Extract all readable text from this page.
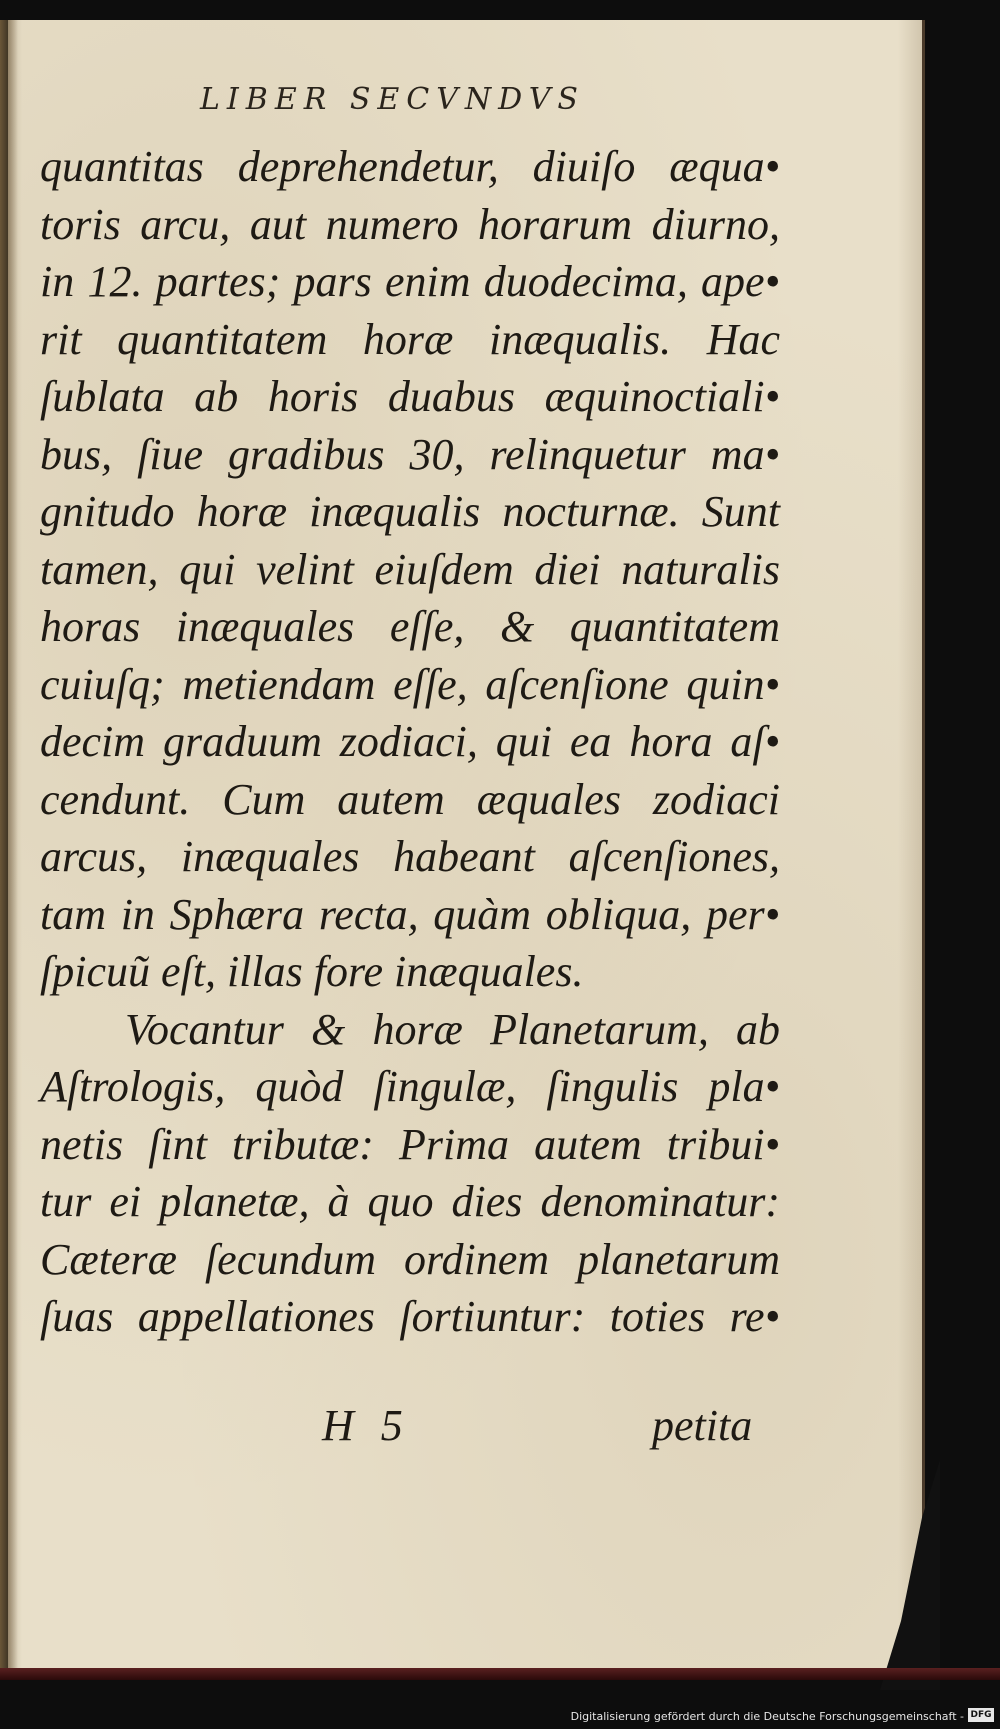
LIBER SECVNDVS
quantitas deprehendetur, diuiſo æqua•
toris arcu, aut numero horarum diurno,
in 12. partes; pars enim duodecima, ape•
rit quantitatem horæ inæqualis. Hac
ſublata ab horis duabus æquinoctiali•
bus, ſiue gradibus 30, relinquetur ma•
gnitudo horæ inæqualis nocturnæ. Sunt
tamen, qui velint eiuſdem diei naturalis
horas inæquales eſſe, & quantitatem
cuiuſq; metiendam eſſe, aſcenſione quin•
decim graduum zodiaci, qui ea hora aſ•
cendunt. Cum autem æquales zodiaci
arcus, inæquales habeant aſcenſiones,
tam in Sphæra recta, quàm obliqua, per•
ſpicuũ eſt, illas fore inæquales.
Vocantur & horæ Planetarum, ab
Aſtrologis, quòd ſingulæ, ſingulis pla•
netis ſint tributæ: Prima autem tribui•
tur ei planetæ, à quo dies denominatur:
Cæteræ ſecundum ordinem planetarum
ſuas appellationes ſortiuntur: toties re•
H 5	petita
Digitalisierung gefördert durch die Deutsche Forschungsgemeinschaft - DFG
